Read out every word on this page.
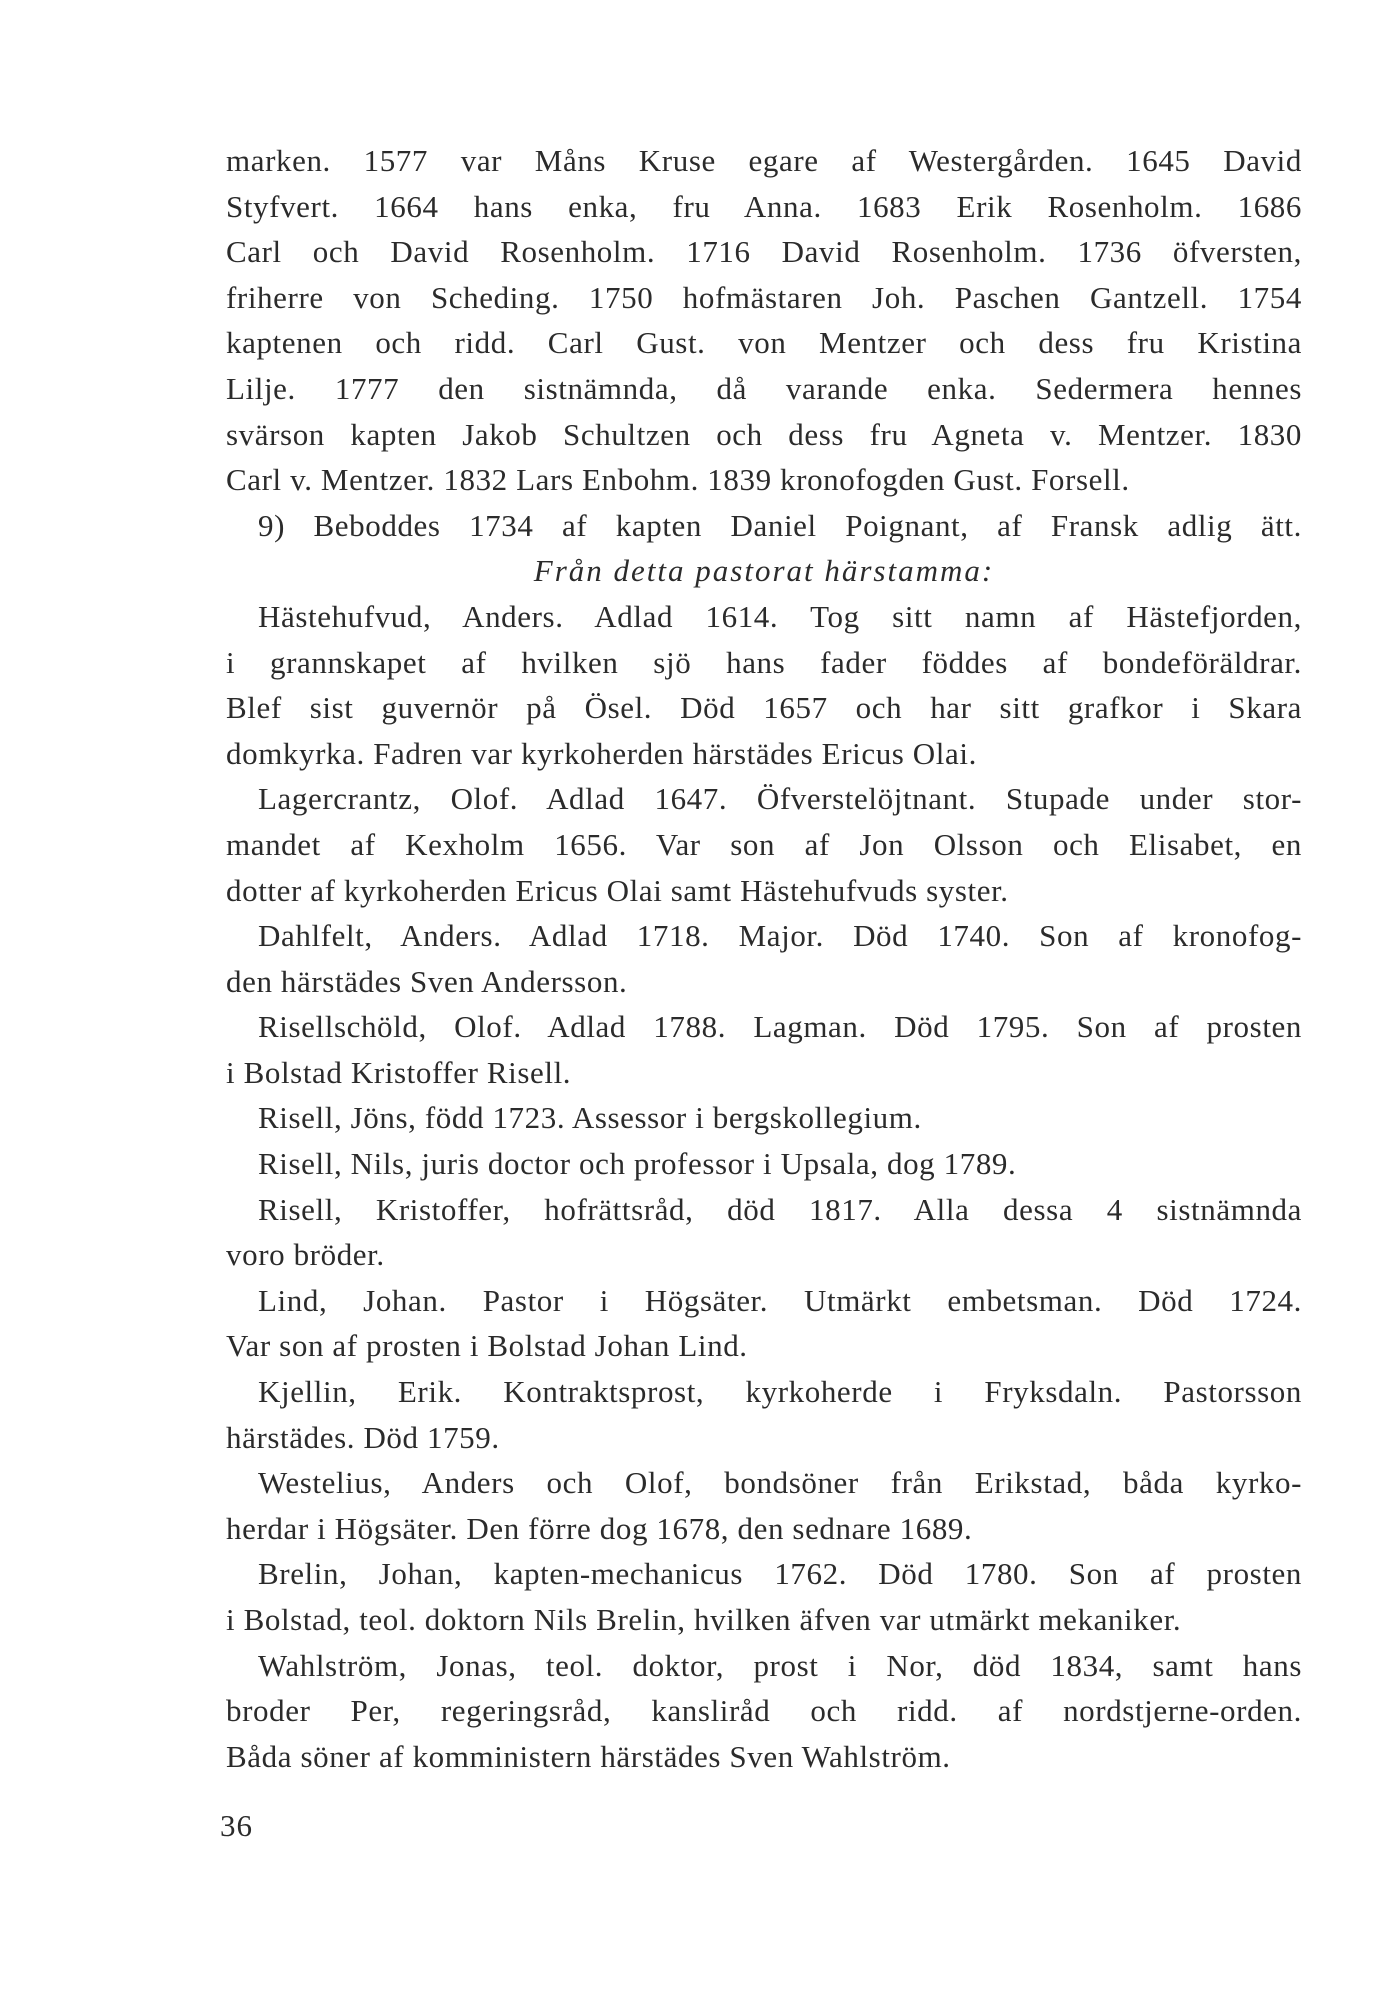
marken. 1577 var Måns Kruse egare af Westergården. 1645 David
Styfvert. 1664 hans enka, fru Anna. 1683 Erik Rosenholm. 1686
Carl och David Rosenholm. 1716 David Rosenholm. 1736 öfversten,
friherre von Scheding. 1750 hofmästaren Joh. Paschen Gantzell. 1754
kaptenen och ridd. Carl Gust. von Mentzer och dess fru Kristina
Lilje. 1777 den sistnämnda, då varande enka. Sedermera hennes
svärson kapten Jakob Schultzen och dess fru Agneta v. Mentzer. 1830
Carl v. Mentzer. 1832 Lars Enbohm. 1839 kronofogden Gust. Forsell.
9) Beboddes 1734 af kapten Daniel Poignant, af Fransk adlig ätt.
Från detta pastorat härstamma:
Hästehufvud, Anders. Adlad 1614. Tog sitt namn af Hästefjorden,
i grannskapet af hvilken sjö hans fader föddes af bondeföräldrar.
Blef sist guvernör på Ösel. Död 1657 och har sitt grafkor i Skara
domkyrka. Fadren var kyrkoherden härstädes Ericus Olai.
Lagercrantz, Olof. Adlad 1647. Öfverstelöjtnant. Stupade under stor-
mandet af Kexholm 1656. Var son af Jon Olsson och Elisabet, en
dotter af kyrkoherden Ericus Olai samt Hästehufvuds syster.
Dahlfelt, Anders. Adlad 1718. Major. Död 1740. Son af kronofog-
den härstädes Sven Andersson.
Risellschöld, Olof. Adlad 1788. Lagman. Död 1795. Son af prosten
i Bolstad Kristoffer Risell.
Risell, Jöns, född 1723. Assessor i bergskollegium.
Risell, Nils, juris doctor och professor i Upsala, dog 1789.
Risell, Kristoffer, hofrättsråd, död 1817. Alla dessa 4 sistnämnda
voro bröder.
Lind, Johan. Pastor i Högsäter. Utmärkt embetsman. Död 1724.
Var son af prosten i Bolstad Johan Lind.
Kjellin, Erik. Kontraktsprost, kyrkoherde i Fryksdaln. Pastorsson
härstädes. Död 1759.
Westelius, Anders och Olof, bondsöner från Erikstad, båda kyrko-
herdar i Högsäter. Den förre dog 1678, den sednare 1689.
Brelin, Johan, kapten-mechanicus 1762. Död 1780. Son af prosten
i Bolstad, teol. doktorn Nils Brelin, hvilken äfven var utmärkt mekaniker.
Wahlström, Jonas, teol. doktor, prost i Nor, död 1834, samt hans
broder Per, regeringsråd, kansliråd och ridd. af nordstjerne-orden.
Båda söner af komministern härstädes Sven Wahlström.
36
